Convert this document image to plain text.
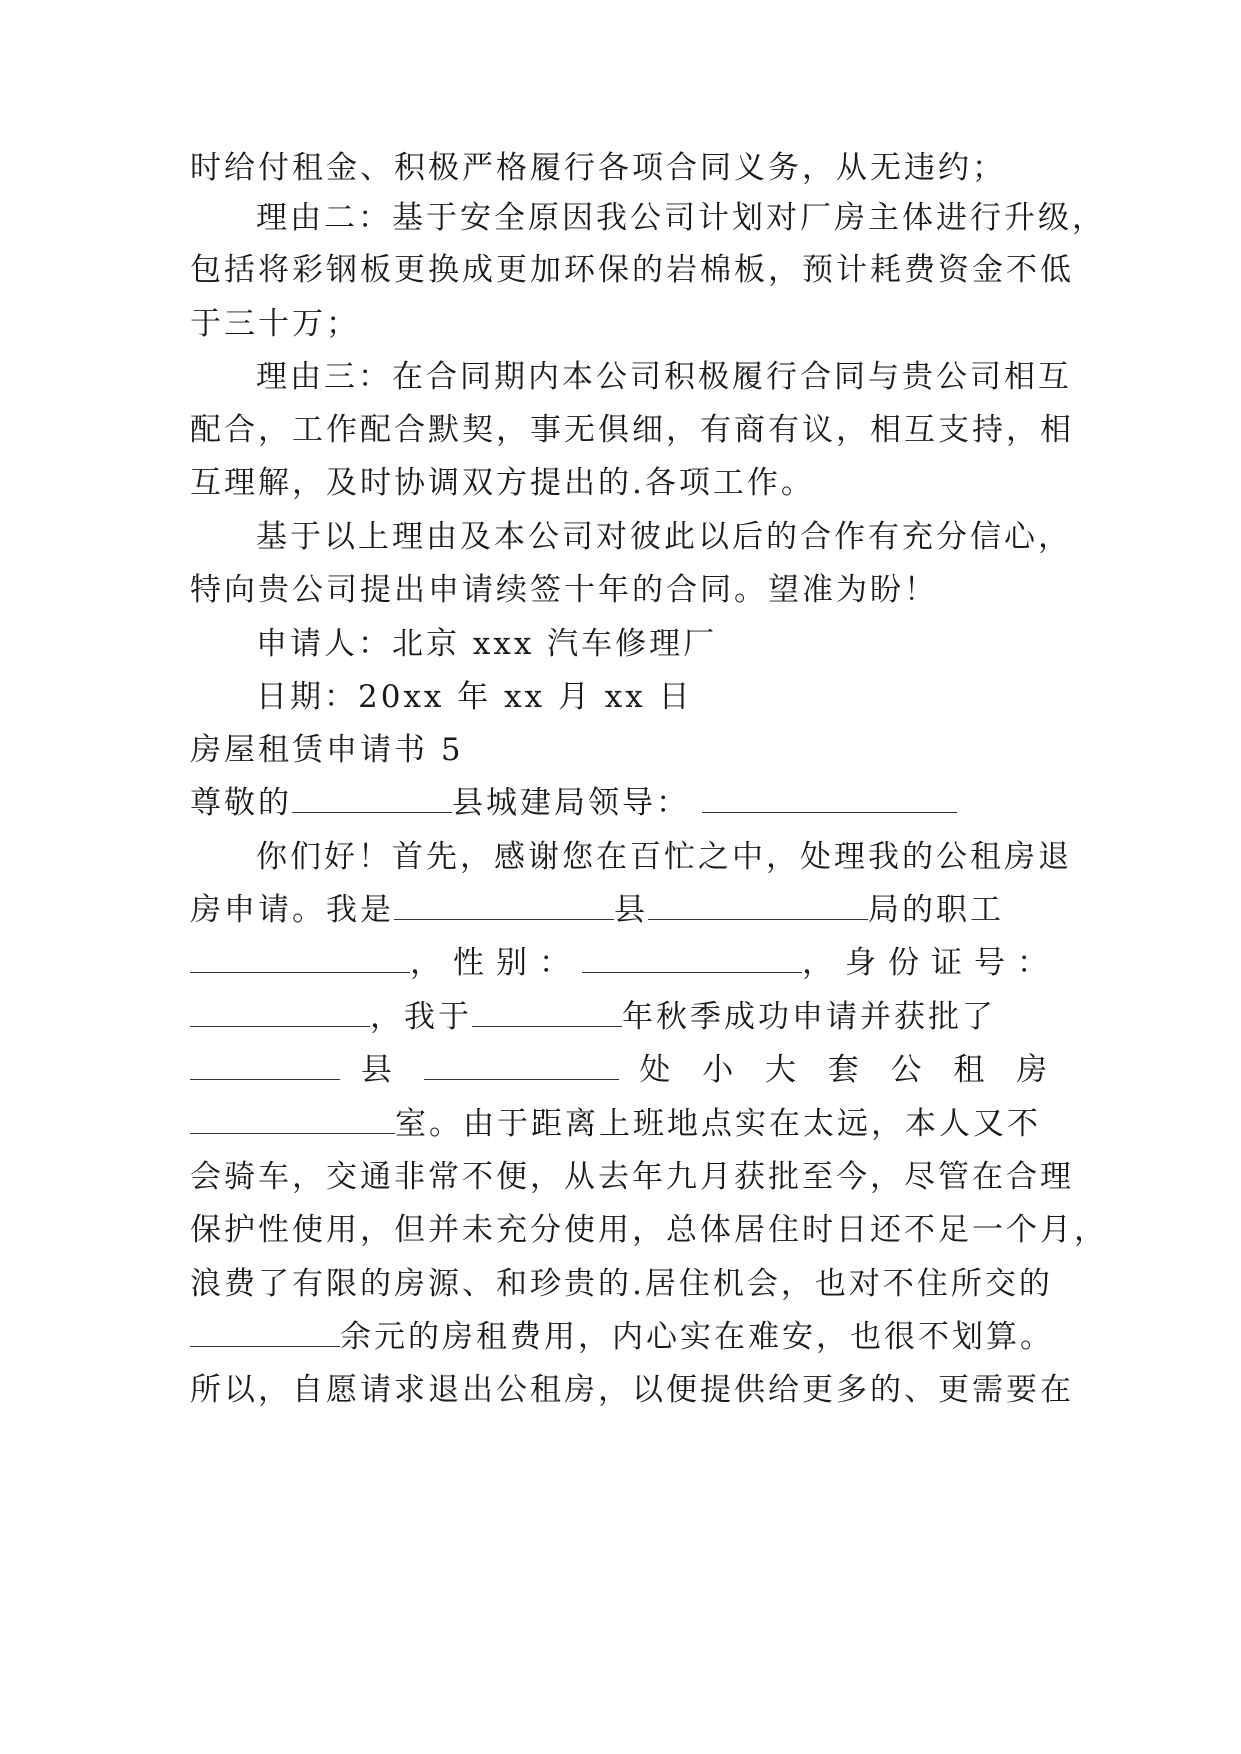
时给付租金、积极严格履行各项合同义务，从无违约；
理由二：基于安全原因我公司计划对厂房主体进行升级，
包括将彩钢板更换成更加环保的岩棉板，预计耗费资金不低
于三十万；
理由三：在合同期内本公司积极履行合同与贵公司相互
配合，工作配合默契，事无俱细，有商有议，相互支持，相
互理解，及时协调双方提出的.各项工作。
基于以上理由及本公司对彼此以后的合作有充分信心，
特向贵公司提出申请续签十年的合同。望准为盼！
申请人：北京 xxx 汽车修理厂
日期：20xx 年 xx 月 xx 日
房屋租赁申请书 5
尊敬的	县城建局领导：
你们好！首先，感谢您在百忙之中，处理我的公租房退
房申请。我是	县	局的职工
，性别：	，身份证号：
，我于	年秋季成功申请并获批了
县	处 小 大 套 公 租 房
室。由于距离上班地点实在太远，本人又不
会骑车，交通非常不便，从去年九月获批至今，尽管在合理
保护性使用，但并未充分使用，总体居住时日还不足一个月，
浪费了有限的房源、和珍贵的.居住机会，也对不住所交的
余元的房租费用，内心实在难安，也很不划算。
所以，自愿请求退出公租房，以便提供给更多的、更需要在
